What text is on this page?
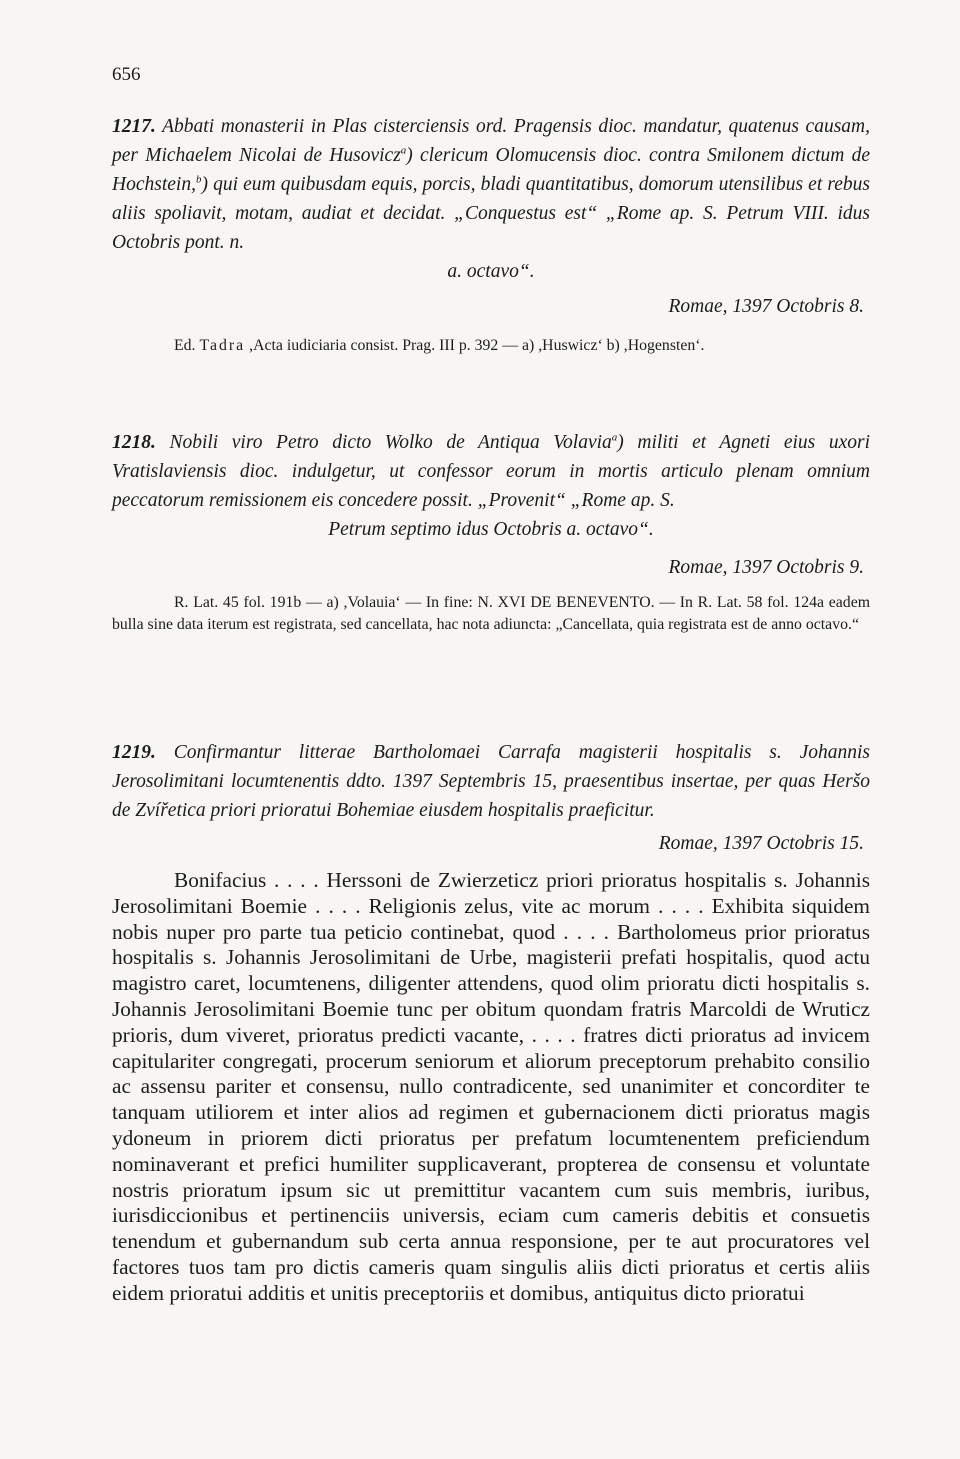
656

1217. Abbati monasterii in Plas cisterciensis ord. Pragensis dioc. mandatur, quatenus causam, per Michaelem Nicolai de Husovicz$^a$) clericum Olomucensis dioc. contra Smilonem dictum de Hochstein,$^b$) qui eum quibusdam equis, porcis, bladi quantitatibus, domorum utensilibus et rebus aliis spoliavit, motam, audiat et decidat. „Conquestus est“ „Rome ap. S. Petrum VIII. idus Octobris pont. n.

a. octavo“.

Romae, 1397 Octobris 8.

Ed. Tadra ,Acta iudiciaria consist. Prag. III p. 392 — a) ,Huswicz‘ b) ,Hogensten‘.

1218. Nobili viro Petro dicto Wolko de Antiqua Volavia$^a$) militi et Agneti eius uxori Vratislaviensis dioc. indulgetur, ut confessor eorum in mortis articulo plenam omnium peccatorum remissionem eis concedere possit. „Provenit“ „Rome ap. S.

Petrum septimo idus Octobris a. octavo“.

Romae, 1397 Octobris 9.

R. Lat. 45 fol. 191b — a) ,Volauia‘ — In fine: N. XVI DE BENEVENTO. — In R. Lat. 58 fol. 124a eadem bulla sine data iterum est registrata, sed cancellata, hac nota adiuncta: „Cancellata, quia registrata est de anno octavo.“

1219. Confirmantur litterae Bartholomaei Carrafa magisterii hospitalis s. Johannis Jerosolimitani locumtenentis ddto. 1397 Septembris 15, praesentibus insertae, per quas Heršo de Zvířetica priori prioratui Bohemiae eiusdem hospitalis praeficitur.

Romae, 1397 Octobris 15.

Bonifacius . . . . Herssoni de Zwierzeticz priori prioratus hospitalis s. Johannis Jerosolimitani Boemie . . . . Religionis zelus, vite ac morum . . . . Exhibita siquidem nobis nuper pro parte tua peticio continebat, quod . . . . Bartholomeus prior prioratus hospitalis s. Johannis Jerosolimitani de Urbe, magisterii prefati hospitalis, quod actu magistro caret, locumtenens, diligenter attendens, quod olim prioratu dicti hospitalis s. Johannis Jerosolimitani Boemie tunc per obitum quondam fratris Marcoldi de Wruticz prioris, dum viveret, prioratus predicti vacante, . . . . fratres dicti prioratus ad invicem capitulariter congregati, procerum seniorum et aliorum preceptorum prehabito consilio ac assensu pariter et consensu, nullo contradicente, sed unanimiter et concorditer te tanquam utiliorem et inter alios ad regimen et gubernacionem dicti prioratus magis ydoneum in priorem dicti prioratus per prefatum locumtenentem preficiendum nominaverant et prefici humiliter supplicaverant, propterea de consensu et voluntate nostris prioratum ipsum sic ut premittitur vacantem cum suis membris, iuribus, iurisdiccionibus et pertinenciis universis, eciam cum cameris debitis et consuetis tenendum et gubernandum sub certa annua responsione, per te aut procuratores vel factores tuos tam pro dictis cameris quam singulis aliis dicti prioratus et certis aliis eidem prioratui additis et unitis preceptoriis et domibus, antiquitus dicto prioratui
